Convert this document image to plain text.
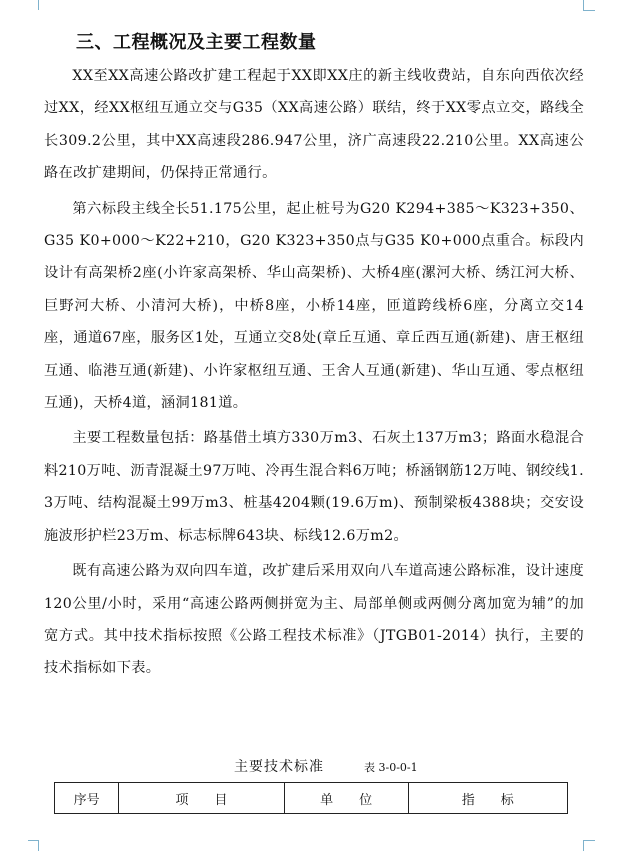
三、工程概况及主要工程数量

XX至XX高速公路改扩建工程起于XX即XX庄的新主线收费站，自东向西依次经过XX，经XX枢纽互通立交与G35（XX高速公路）联结，终于XX零点立交，路线全长309.2公里，其中XX高速段286.947公里，济广高速段22.210公里。XX高速公路在改扩建期间，仍保持正常通行。

第六标段主线全长51.175公里，起止桩号为G20 K294+385～K323+350、G35 K0+000～K22+210，G20 K323+350点与G35 K0+000点重合。标段内设计有高架桥2座(小许家高架桥、华山高架桥)、大桥4座(漯河大桥、绣江河大桥、巨野河大桥、小清河大桥)，中桥8座，小桥14座，匝道跨线桥6座，分离立交14座，通道67座，服务区1处，互通立交8处(章丘互通、章丘西互通(新建)、唐王枢纽互通、临港互通(新建)、小许家枢纽互通、王舍人互通(新建)、华山互通、零点枢纽互通)，天桥4道，涵洞181道。

主要工程数量包括：路基借土填方330万m3、石灰土137万m3；路面水稳混合料210万吨、沥青混凝土97万吨、冷再生混合料6万吨；桥涵钢筋12万吨、钢绞线1.3万吨、结构混凝土99万m3、桩基4204颗(19.6万m)、预制梁板4388块；交安设施波形护栏23万m、标志标牌643块、标线12.6万m2。

既有高速公路为双向四车道，改扩建后采用双向八车道高速公路标准，设计速度120公里/小时，采用“高速公路两侧拼宽为主、局部单侧或两侧分离加宽为辅”的加宽方式。其中技术指标按照《公路工程技术标准》（JTGB01-2014）执行，主要的技术指标如下表。

主要技术标准	表 3-0-0-1
序号	项　　目	单　　位	指　　标
